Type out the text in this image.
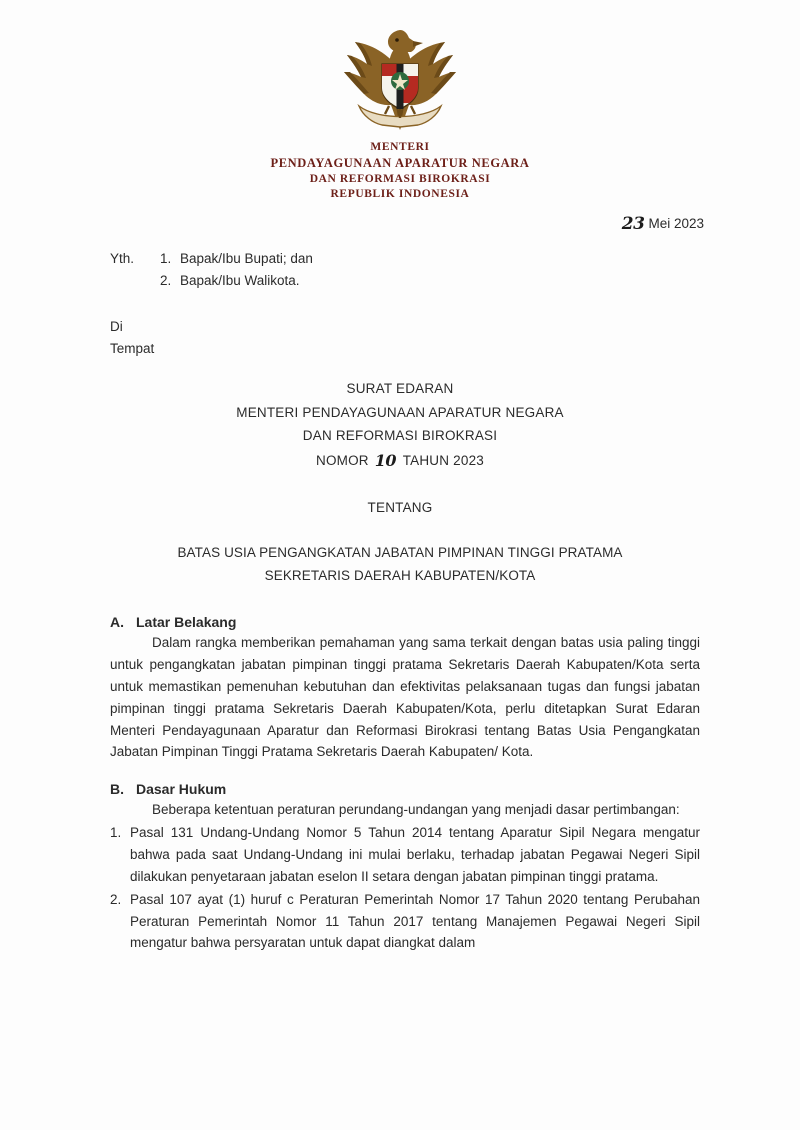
MENTERI
PENDAYAGUNAAN APARATUR NEGARA
DAN REFORMASI BIROKRASI
REPUBLIK INDONESIA
23 Mei 2023
Yth.	1. Bapak/Ibu Bupati; dan
2. Bapak/Ibu Walikota.
Di
Tempat
SURAT EDARAN
MENTERI PENDAYAGUNAAN APARATUR NEGARA
DAN REFORMASI BIROKRASI
NOMOR 10 TAHUN 2023
TENTANG
BATAS USIA PENGANGKATAN JABATAN PIMPINAN TINGGI PRATAMA
SEKRETARIS DAERAH KABUPATEN/KOTA
A. Latar Belakang

Dalam rangka memberikan pemahaman yang sama terkait dengan batas usia paling tinggi untuk pengangkatan jabatan pimpinan tinggi pratama Sekretaris Daerah Kabupaten/Kota serta untuk memastikan pemenuhan kebutuhan dan efektivitas pelaksanaan tugas dan fungsi jabatan pimpinan tinggi pratama Sekretaris Daerah Kabupaten/Kota, perlu ditetapkan Surat Edaran Menteri Pendayagunaan Aparatur dan Reformasi Birokrasi tentang Batas Usia Pengangkatan Jabatan Pimpinan Tinggi Pratama Sekretaris Daerah Kabupaten/ Kota.

B. Dasar Hukum

Beberapa ketentuan peraturan perundang-undangan yang menjadi dasar pertimbangan:

1. Pasal 131 Undang-Undang Nomor 5 Tahun 2014 tentang Aparatur Sipil Negara mengatur bahwa pada saat Undang-Undang ini mulai berlaku, terhadap jabatan Pegawai Negeri Sipil dilakukan penyetaraan jabatan eselon II setara dengan jabatan pimpinan tinggi pratama.
2. Pasal 107 ayat (1) huruf c Peraturan Pemerintah Nomor 17 Tahun 2020 tentang Perubahan Peraturan Pemerintah Nomor 11 Tahun 2017 tentang Manajemen Pegawai Negeri Sipil mengatur bahwa persyaratan untuk dapat diangkat dalam
